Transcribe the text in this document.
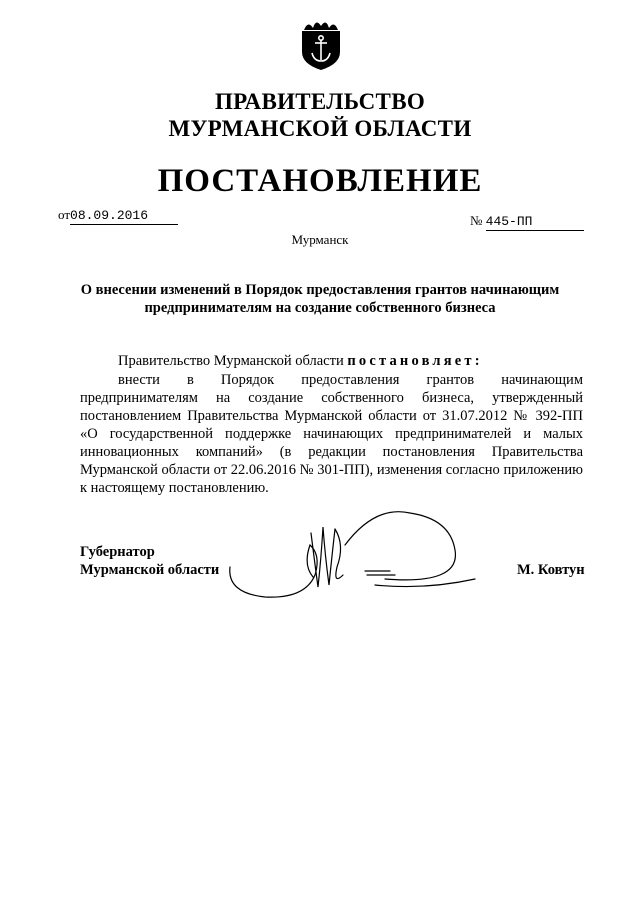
ПРАВИТЕЛЬСТВО
МУРМАНСКОЙ ОБЛАСТИ
ПОСТАНОВЛЕНИЕ
от08.09.2016	№ 445-ПП
Мурманск
О внесении изменений в Порядок предоставления грантов начинающим предпринимателям на создание собственного бизнеса
Правительство Мурманской области постановляет:

внести в Порядок предоставления грантов начинающим предпринимателям на создание собственного бизнеса, утвержденный постановлением Правительства Мурманской области от 31.07.2012 № 392-ПП «О государственной поддержке начинающих предпринимателей и малых инновационных компаний» (в редакции постановления Правительства Мурманской области от 22.06.2016 № 301-ПП), изменения согласно приложению к настоящему постановлению.

Губернатор
Мурманской области	М. Ковтун
